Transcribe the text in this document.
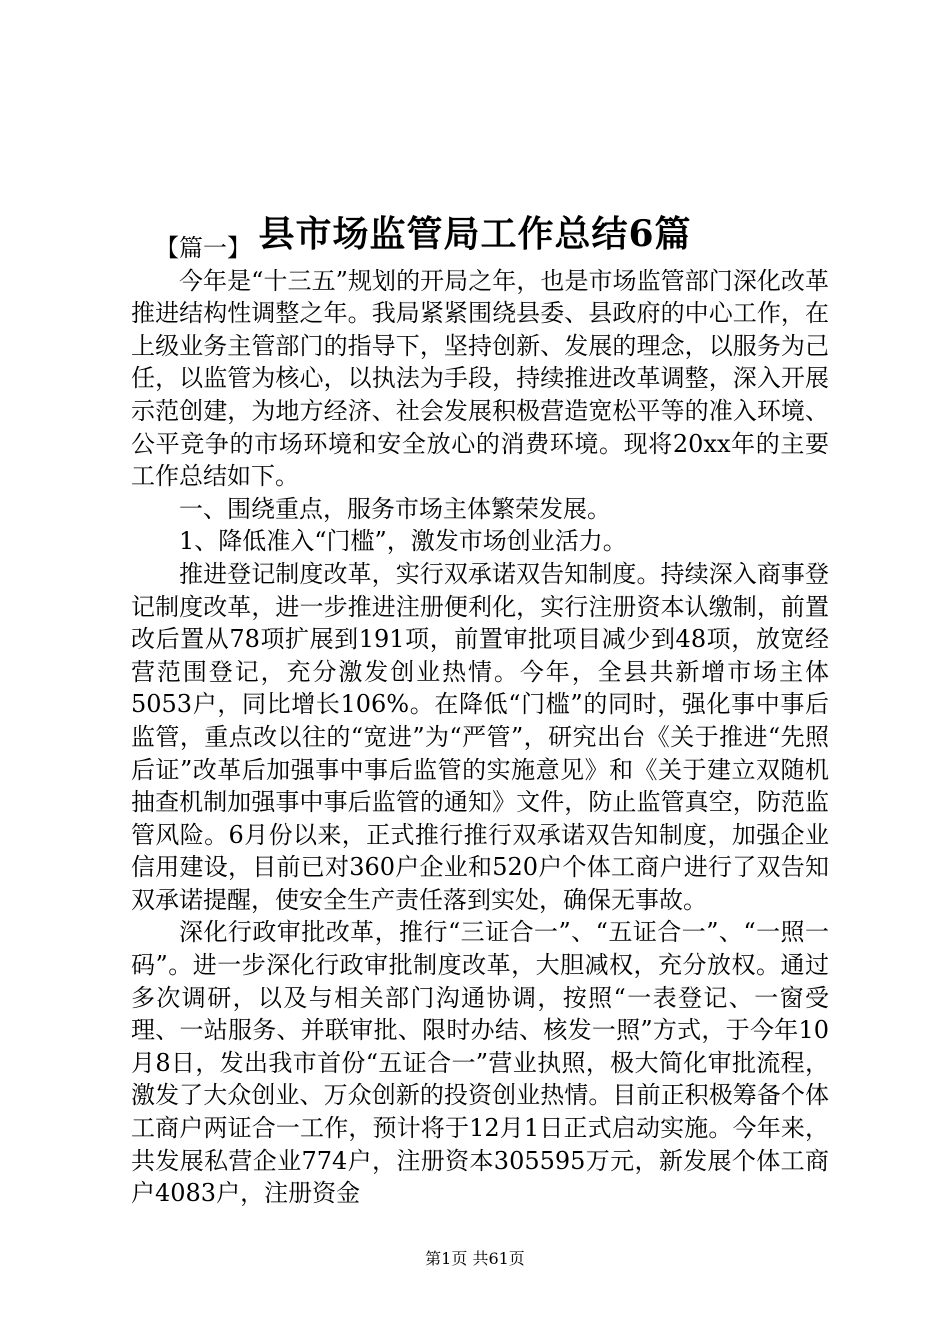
县市场监管局工作总结6篇

【篇一】

今年是“十三五”规划的开局之年，也是市场监管部门深化改革推进结构性调整之年。我局紧紧围绕县委、县政府的中心工作，在上级业务主管部门的指导下，坚持创新、发展的理念，以服务为己任，以监管为核心，以执法为手段，持续推进改革调整，深入开展示范创建，为地方经济、社会发展积极营造宽松平等的准入环境、公平竞争的市场环境和安全放心的消费环境。现将20xx年的主要工作总结如下。

一、围绕重点，服务市场主体繁荣发展。

1、降低准入“门槛”，激发市场创业活力。

推进登记制度改革，实行双承诺双告知制度。持续深入商事登记制度改革，进一步推进注册便利化，实行注册资本认缴制，前置改后置从78项扩展到191项，前置审批项目减少到48项，放宽经营范围登记，充分激发创业热情。今年，全县共新增市场主体5053户，同比增长106%。在降低“门槛”的同时，强化事中事后监管，重点改以往的“宽进”为“严管”，研究出台《关于推进“先照后证”改革后加强事中事后监管的实施意见》和《关于建立双随机抽查机制加强事中事后监管的通知》文件，防止监管真空，防范监管风险。6月份以来，正式推行推行双承诺双告知制度，加强企业信用建设，目前已对360户企业和520户个体工商户进行了双告知双承诺提醒，使安全生产责任落到实处，确保无事故。

深化行政审批改革，推行“三证合一”、“五证合一”、“一照一码”。进一步深化行政审批制度改革，大胆减权，充分放权。通过多次调研，以及与相关部门沟通协调，按照“一表登记、一窗受理、一站服务、并联审批、限时办结、核发一照”方式，于今年10月8日，发出我市首份“五证合一”营业执照，极大简化审批流程，激发了大众创业、万众创新的投资创业热情。目前正积极筹备个体工商户两证合一工作，预计将于12月1日正式启动实施。今年来，共发展私营企业774户，注册资本305595万元，新发展个体工商户4083户，注册资金

第1页 共61页
